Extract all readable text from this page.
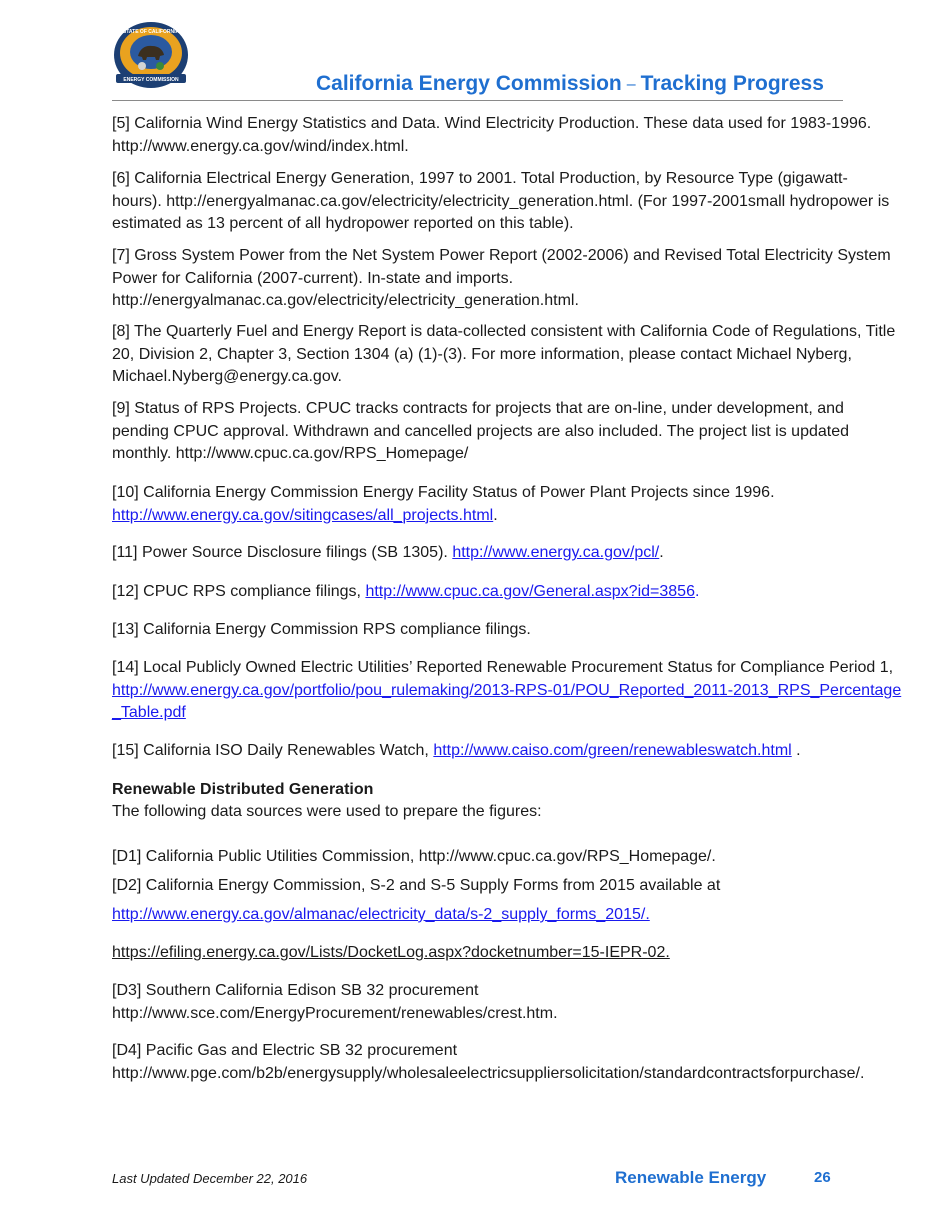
STATE OF CALIFORNIA
ENERGY COMMISSION	California Energy Commission – Tracking Progress
[5] California Wind Energy Statistics and Data. Wind Electricity Production. These data used for 1983-1996. http://www.energy.ca.gov/wind/index.html.
[6] California Electrical Energy Generation, 1997 to 2001. Total Production, by Resource Type (gigawatt-hours). http://energyalmanac.ca.gov/electricity/electricity_generation.html. (For 1997-2001small hydropower is estimated as 13 percent of all hydropower reported on this table).
[7] Gross System Power from the Net System Power Report (2002-2006) and Revised Total Electricity System Power for California (2007-current). In-state and imports. http://energyalmanac.ca.gov/electricity/electricity_generation.html.
[8] The Quarterly Fuel and Energy Report is data-collected consistent with California Code of Regulations, Title 20, Division 2, Chapter 3, Section 1304 (a) (1)-(3). For more information, please contact Michael Nyberg, Michael.Nyberg@energy.ca.gov.
[9] Status of RPS Projects. CPUC tracks contracts for projects that are on-line, under development, and pending CPUC approval. Withdrawn and cancelled projects are also included. The project list is updated monthly. http://www.cpuc.ca.gov/RPS_Homepage/
[10] California Energy Commission Energy Facility Status of Power Plant Projects since 1996.
http://www.energy.ca.gov/sitingcases/all_projects.html.
[11] Power Source Disclosure filings (SB 1305). http://www.energy.ca.gov/pcl/.
[12] CPUC RPS compliance filings, http://www.cpuc.ca.gov/General.aspx?id=3856.
[13] California Energy Commission RPS compliance filings.
[14] Local Publicly Owned Electric Utilities’ Reported Renewable Procurement Status for Compliance Period 1, http://www.energy.ca.gov/portfolio/pou_rulemaking/2013-RPS-01/POU_Reported_2011-2013_RPS_Percentage_Table.pdf
[15] California ISO Daily Renewables Watch, http://www.caiso.com/green/renewableswatch.html .
Renewable Distributed Generation
The following data sources were used to prepare the figures:
[D1] California Public Utilities Commission, http://www.cpuc.ca.gov/RPS_Homepage/.
[D2] California Energy Commission, S-2 and S-5 Supply Forms from 2015 available at
http://www.energy.ca.gov/almanac/electricity_data/s-2_supply_forms_2015/.
https://efiling.energy.ca.gov/Lists/DocketLog.aspx?docketnumber=15-IEPR-02.
[D3] Southern California Edison SB 32 procurement
http://www.sce.com/EnergyProcurement/renewables/crest.htm.
[D4] Pacific Gas and Electric SB 32 procurement
http://www.pge.com/b2b/energysupply/wholesaleelectricsuppliersolicitation/standardcontractsforpurchase/.
Last Updated December 22, 2016	Renewable Energy	26
